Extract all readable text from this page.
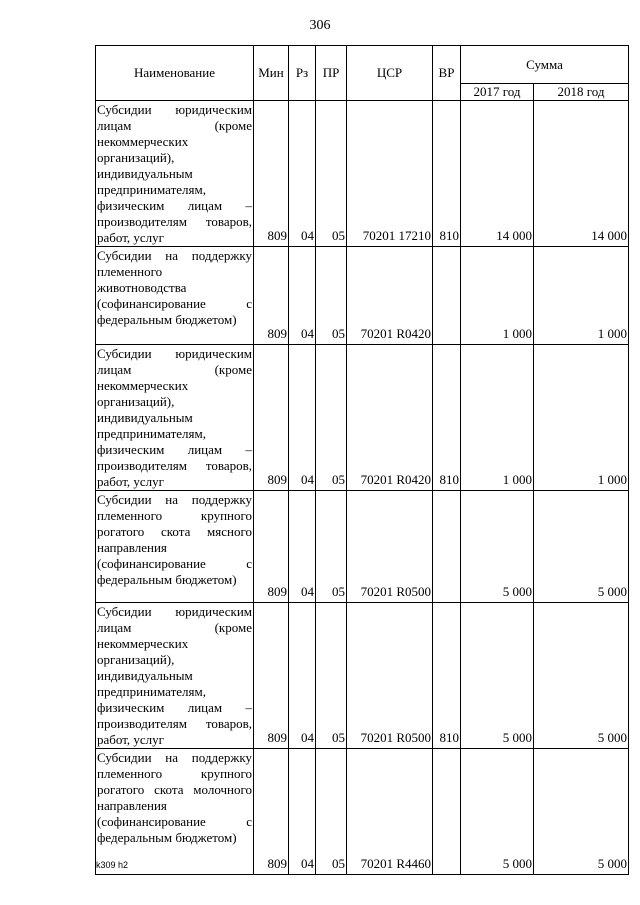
306
Наименование	Мин	Рз	ПР	ЦСР	ВР	Сумма	
						2017 год	2018 год
Субсидии юридическим лицам (кроме некоммерческих организаций), индивидуальным предпринимателям, физическим лицам – производителям товаров, работ, услуг	809	04	05	70201 17210	810	14 000	14 000
Субсидии на поддержку племенного животноводства (софинансирование с федеральным бюджетом)	809	04	05	70201 R0420		1 000	1 000
Субсидии юридическим лицам (кроме некоммерческих организаций), индивидуальным предпринимателям, физическим лицам – производителям товаров, работ, услуг	809	04	05	70201 R0420	810	1 000	1 000
Субсидии на поддержку племенного крупного рогатого скота мясного направления (софинансирование с федеральным бюджетом)	809	04	05	70201 R0500		5 000	5 000
Субсидии юридическим лицам (кроме некоммерческих организаций), индивидуальным предпринимателям, физическим лицам – производителям товаров, работ, услуг	809	04	05	70201 R0500	810	5 000	5 000
Субсидии на поддержку племенного крупного рогатого скота молочного направления (софинансирование с федеральным бюджетом)	809	04	05	70201 R4460		5 000	5 000
k309 h2
